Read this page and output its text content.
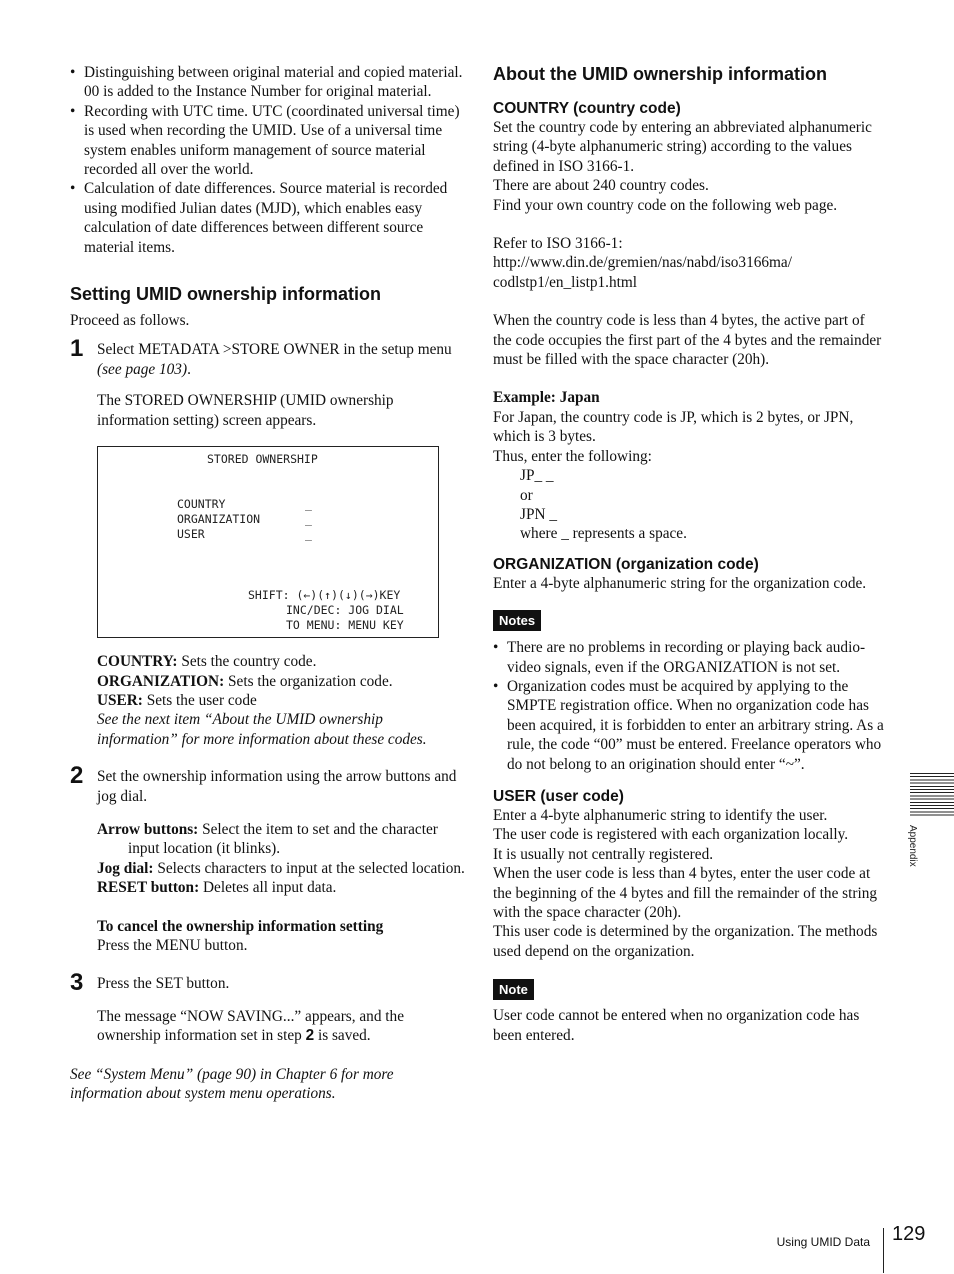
• Distinguishing between original material and copied material. 00 is added to the Instance Number for original material.
• Recording with UTC time. UTC (coordinated universal time) is used when recording the UMID. Use of a universal time system enables uniform management of source material recorded all over the world.
• Calculation of date differences. Source material is recorded using modified Julian dates (MJD), which enables easy calculation of date differences between different source material items.
Setting UMID ownership information

Proceed as follows.

1 Select METADATA >STORE OWNER in the setup menu (see page 103).

The STORED OWNERSHIP (UMID ownership information setting) screen appears.

STORED OWNERSHIP
COUNTRY	_
ORGANIZATION	_
USER	_
SHIFT: (←)(↑)(↓)(→)KEY
INC/DEC: JOG DIAL
TO MENU: MENU KEY

COUNTRY: Sets the country code.

ORGANIZATION: Sets the organization code.

USER: Sets the user code

See the next item “About the UMID ownership information” for more information about these codes.

2 Set the ownership information using the arrow buttons and jog dial.

Arrow buttons: Select the item to set and the character input location (it blinks).

Jog dial: Selects characters to input at the selected location.

RESET button: Deletes all input data.

To cancel the ownership information setting

Press the MENU button.

3 Press the SET button.

The message “NOW SAVING...” appears, and the ownership information set in step 2 is saved.

See “System Menu” (page 90) in Chapter 6 for more information about system menu operations.

About the UMID ownership information
COUNTRY (country code)

Set the country code by entering an abbreviated alphanumeric string (4-byte alphanumeric string) according to the values defined in ISO 3166-1.

There are about 240 country codes.

Find your own country code on the following web page.

Refer to ISO 3166-1:

http://www.din.de/gremien/nas/nabd/iso3166ma/

codlstp1/en_listp1.html

When the country code is less than 4 bytes, the active part of the code occupies the first part of the 4 bytes and the remainder must be filled with the space character (20h).

Example: Japan

For Japan, the country code is JP, which is 2 bytes, or JPN, which is 3 bytes.

Thus, enter the following:

JP_ _

or

JPN _

where _ represents a space.

ORGANIZATION (organization code)

Enter a 4-byte alphanumeric string for the organization code.

Notes
• There are no problems in recording or playing back audio-video signals, even if the ORGANIZATION is not set.
• Organization codes must be acquired by applying to the SMPTE registration office. When no organization code has been acquired, it is forbidden to enter an arbitrary string. As a rule, the code “00” must be entered. Freelance operators who do not belong to an origination should enter “~”.
USER (user code)

Enter a 4-byte alphanumeric string to identify the user.

The user code is registered with each organization locally.

It is usually not centrally registered.

When the user code is less than 4 bytes, enter the user code at the beginning of the 4 bytes and fill the remainder of the string with the space character (20h).

This user code is determined by the organization. The methods used depend on the organization.

Note

User code cannot be entered when no organization code has been entered.

Appendix
Using UMID Data 129
